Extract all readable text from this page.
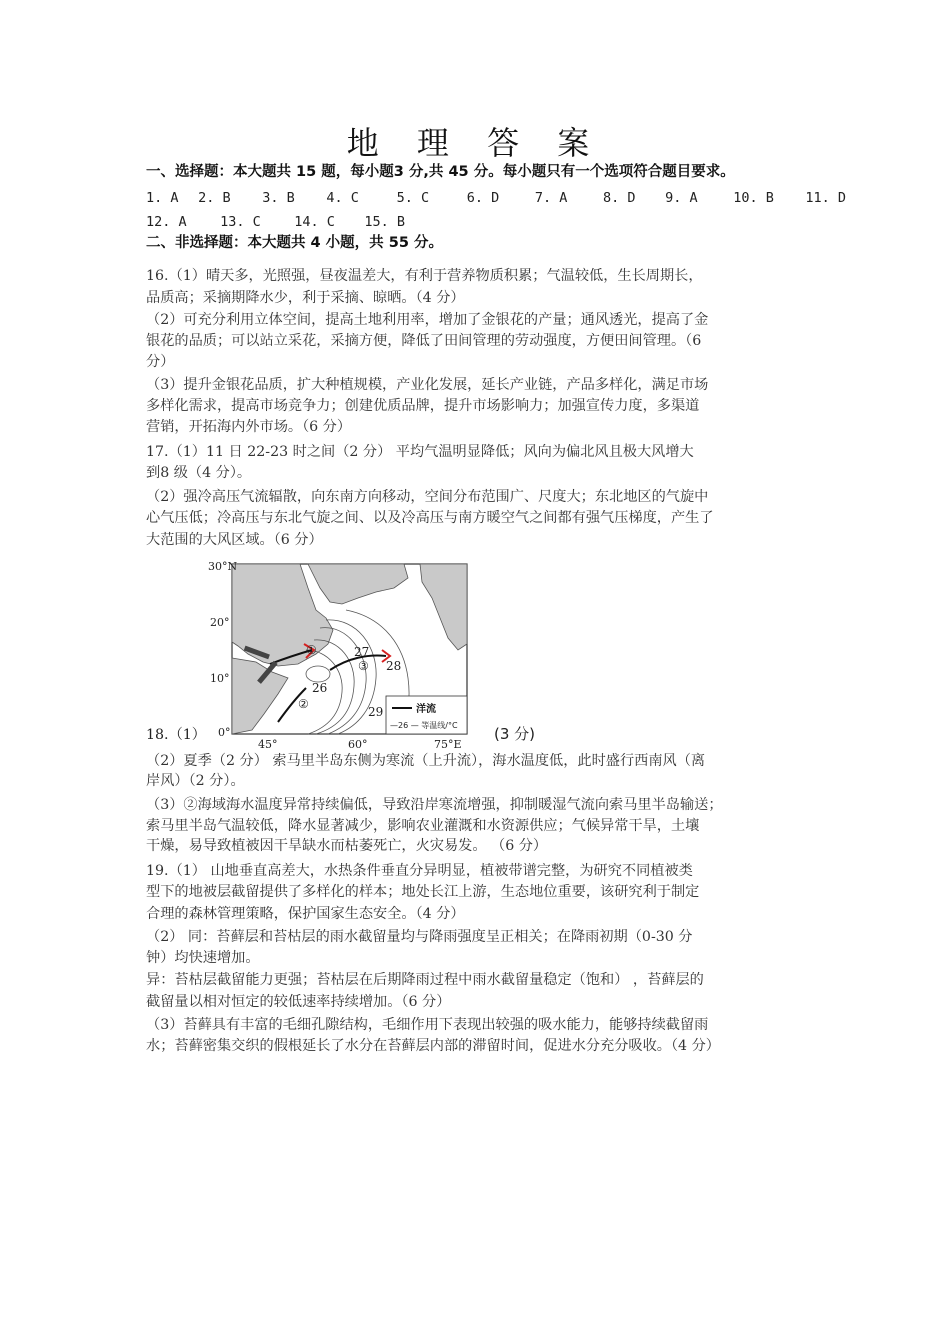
地 理 答 案
一、选择题：本大题共 15 题，每小题3 分,共 45 分。每小题只有一个选项符合题目要求。
1. A 2. B 3. B 4. C	5. C	6. D	7. A	8. D 9. A	10. B 11. D
12. A 13. C 14. C 15. B
二、非选择题：本大题共 4 小题，共 55 分。
16.（1）晴天多，光照强，昼夜温差大，有利于营养物质积累；气温较低，生长周期长，
品质高；采摘期降水少，利于采摘、晾晒。（4 分）
（2）可充分利用立体空间，提高土地利用率，增加了金银花的产量；通风透光，提高了金
银花的品质；可以站立采花，采摘方便，降低了田间管理的劳动强度，方便田间管理。（6
分）
（3）提升金银花品质，扩大种植规模，产业化发展，延长产业链，产品多样化，满足市场
多样化需求，提高市场竞争力；创建优质品牌，提升市场影响力；加强宣传力度，多渠道
营销，开拓海内外市场。（6 分）
17.（1）11 日 22-23 时之间（2 分） 平均气温明显降低；风向为偏北风且极大风增大
到8 级（4 分）。
（2）强冷高压气流辐散，向东南方向移动，空间分布范围广、尺度大；东北地区的气旋中
心气压低；冷高压与东北气旋之间、以及冷高压与南方暖空气之间都有强气压梯度，产生了
大范围的大风区域。（6 分）
27
28
26
29
①
③
②
30°N
20°
10°
0°
45°	60°	75°E
洋流
—26 — 等温线/°C
18.（1）	(3 分)
（2）夏季（2 分） 索马里半岛东侧为寒流（上升流），海水温度低，此时盛行西南风（离
岸风）（2 分）。
（3）②海域海水温度异常持续偏低，导致沿岸寒流增强，抑制暖湿气流向索马里半岛输送；
索马里半岛气温较低，降水显著减少，影响农业灌溉和水资源供应；气候异常干旱，土壤
干燥，易导致植被因干旱缺水而枯萎死亡，火灾易发。 （6 分）
19.（1） 山地垂直高差大，水热条件垂直分异明显，植被带谱完整，为研究不同植被类
型下的地被层截留提供了多样化的样本；地处长江上游，生态地位重要，该研究利于制定
合理的森林管理策略，保护国家生态安全。（4 分）
（2） 同：苔藓层和苔枯层的雨水截留量均与降雨强度呈正相关；在降雨初期（0-30 分
钟）均快速增加。
异：苔枯层截留能力更强；苔枯层在后期降雨过程中雨水截留量稳定（饱和） ，苔藓层的
截留量以相对恒定的较低速率持续增加。（6 分）
（3）苔藓具有丰富的毛细孔隙结构，毛细作用下表现出较强的吸水能力，能够持续截留雨
水；苔藓密集交织的假根延长了水分在苔藓层内部的滞留时间，促进水分充分吸收。（4 分）
